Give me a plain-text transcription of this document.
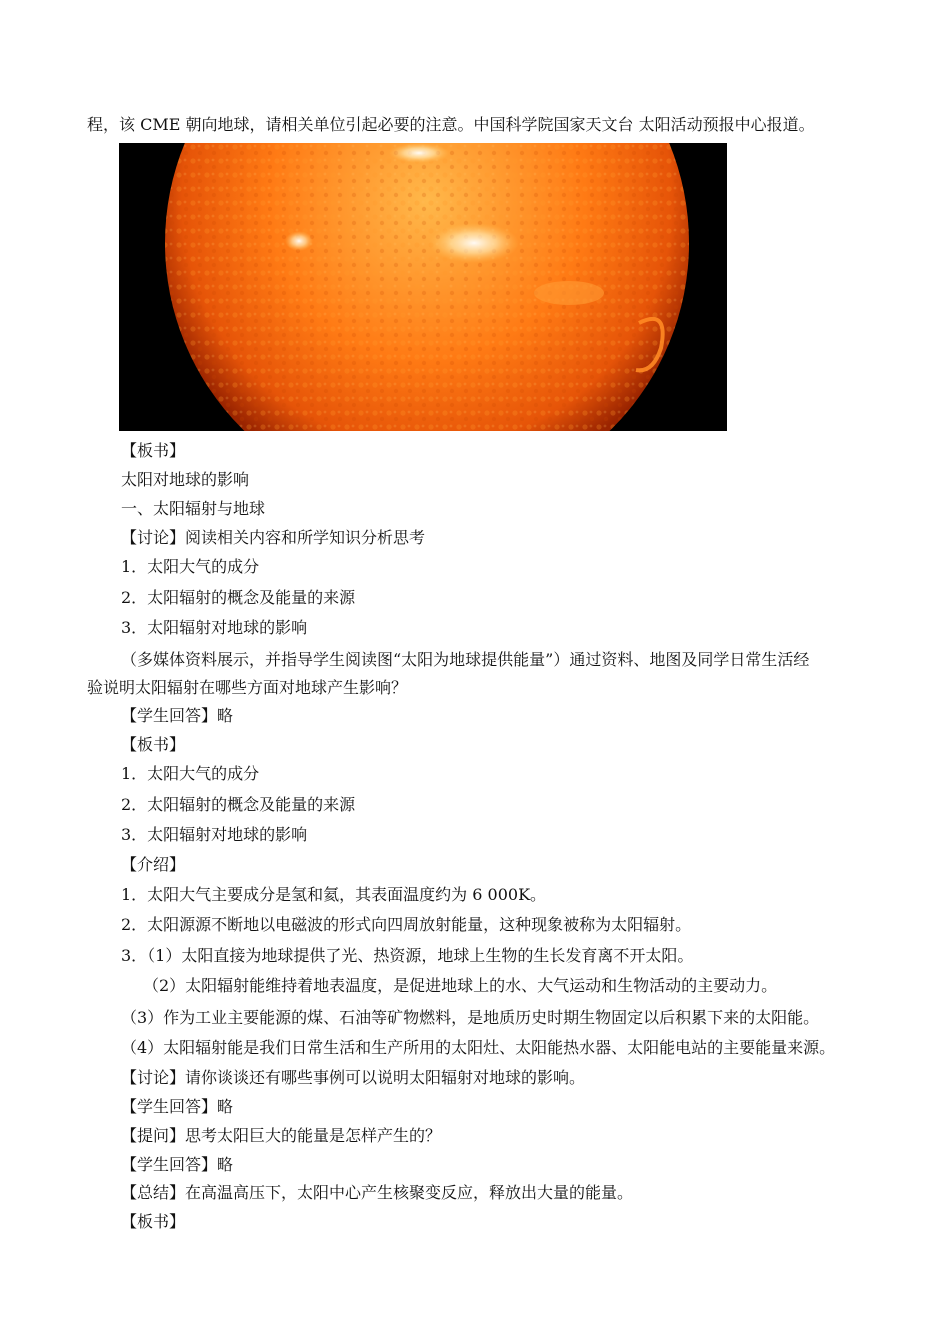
程，该 CME 朝向地球，请相关单位引起必要的注意。中国科学院国家天文台 太阳活动预报中心报道。
【板书】
太阳对地球的影响
一、太阳辐射与地球
【讨论】阅读相关内容和所学知识分析思考
1．太阳大气的成分
2．太阳辐射的概念及能量的来源
3．太阳辐射对地球的影响
（多媒体资料展示，并指导学生阅读图“太阳为地球提供能量”）通过资料、地图及同学日常生活经
验说明太阳辐射在哪些方面对地球产生影响？
【学生回答】略
【板书】
1．太阳大气的成分
2．太阳辐射的概念及能量的来源
3．太阳辐射对地球的影响
【介绍】
1．太阳大气主要成分是氢和氦，其表面温度约为 6 000K。
2．太阳源源不断地以电磁波的形式向四周放射能量，这种现象被称为太阳辐射。
3．（1）太阳直接为地球提供了光、热资源，地球上生物的生长发育离不开太阳。
（2）太阳辐射能维持着地表温度，是促进地球上的水、大气运动和生物活动的主要动力。
（3）作为工业主要能源的煤、石油等矿物燃料，是地质历史时期生物固定以后积累下来的太阳能。
（4）太阳辐射能是我们日常生活和生产所用的太阳灶、太阳能热水器、太阳能电站的主要能量来源。
【讨论】请你谈谈还有哪些事例可以说明太阳辐射对地球的影响。
【学生回答】略
【提问】思考太阳巨大的能量是怎样产生的？
【学生回答】略
【总结】在高温高压下，太阳中心产生核聚变反应，释放出大量的能量。
【板书】
